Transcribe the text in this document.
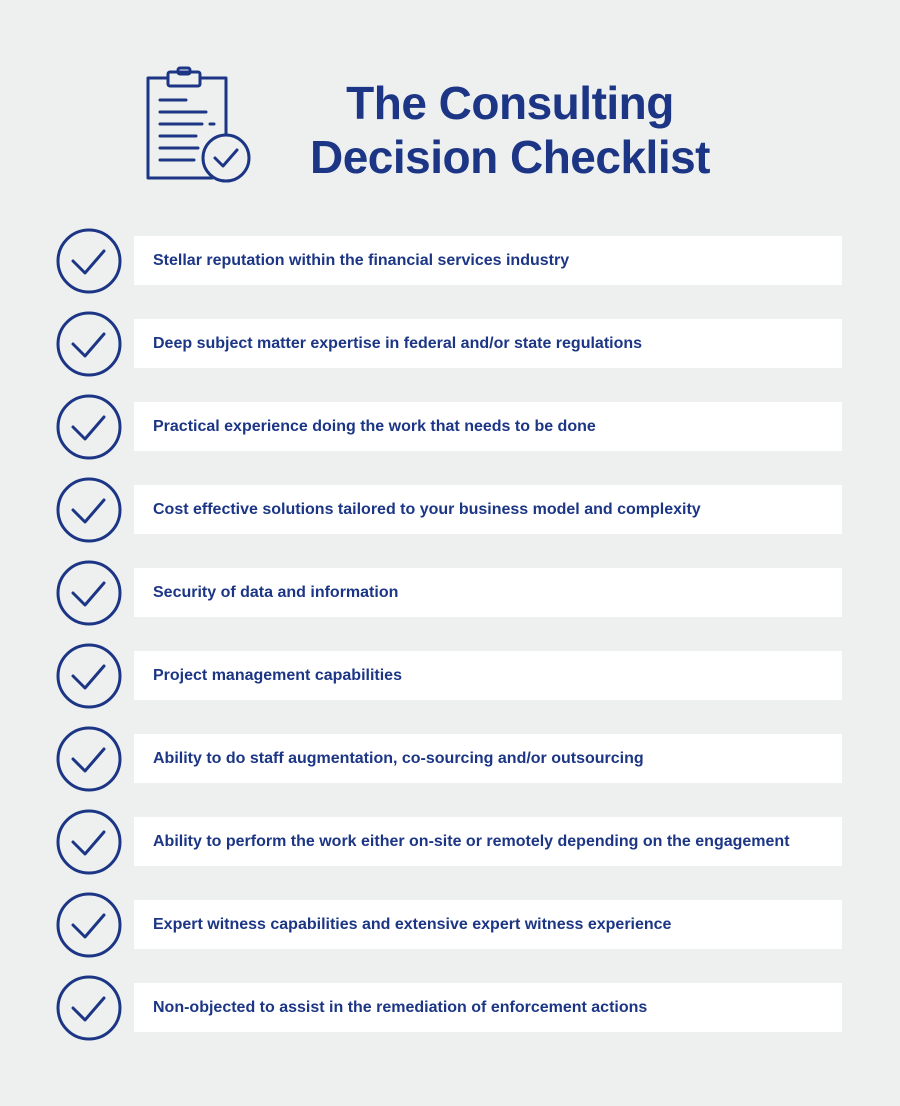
The Consulting
Decision Checklist
Stellar reputation within the financial services industry
Deep subject matter expertise in federal and/or state regulations
Practical experience doing the work that needs to be done
Cost effective solutions tailored to your business model and complexity
Security of data and information
Project management capabilities
Ability to do staff augmentation, co-sourcing and/or outsourcing
Ability to perform the work either on-site or remotely depending on the engagement
Expert witness capabilities and extensive expert witness experience
Non-objected to assist in the remediation of enforcement actions
